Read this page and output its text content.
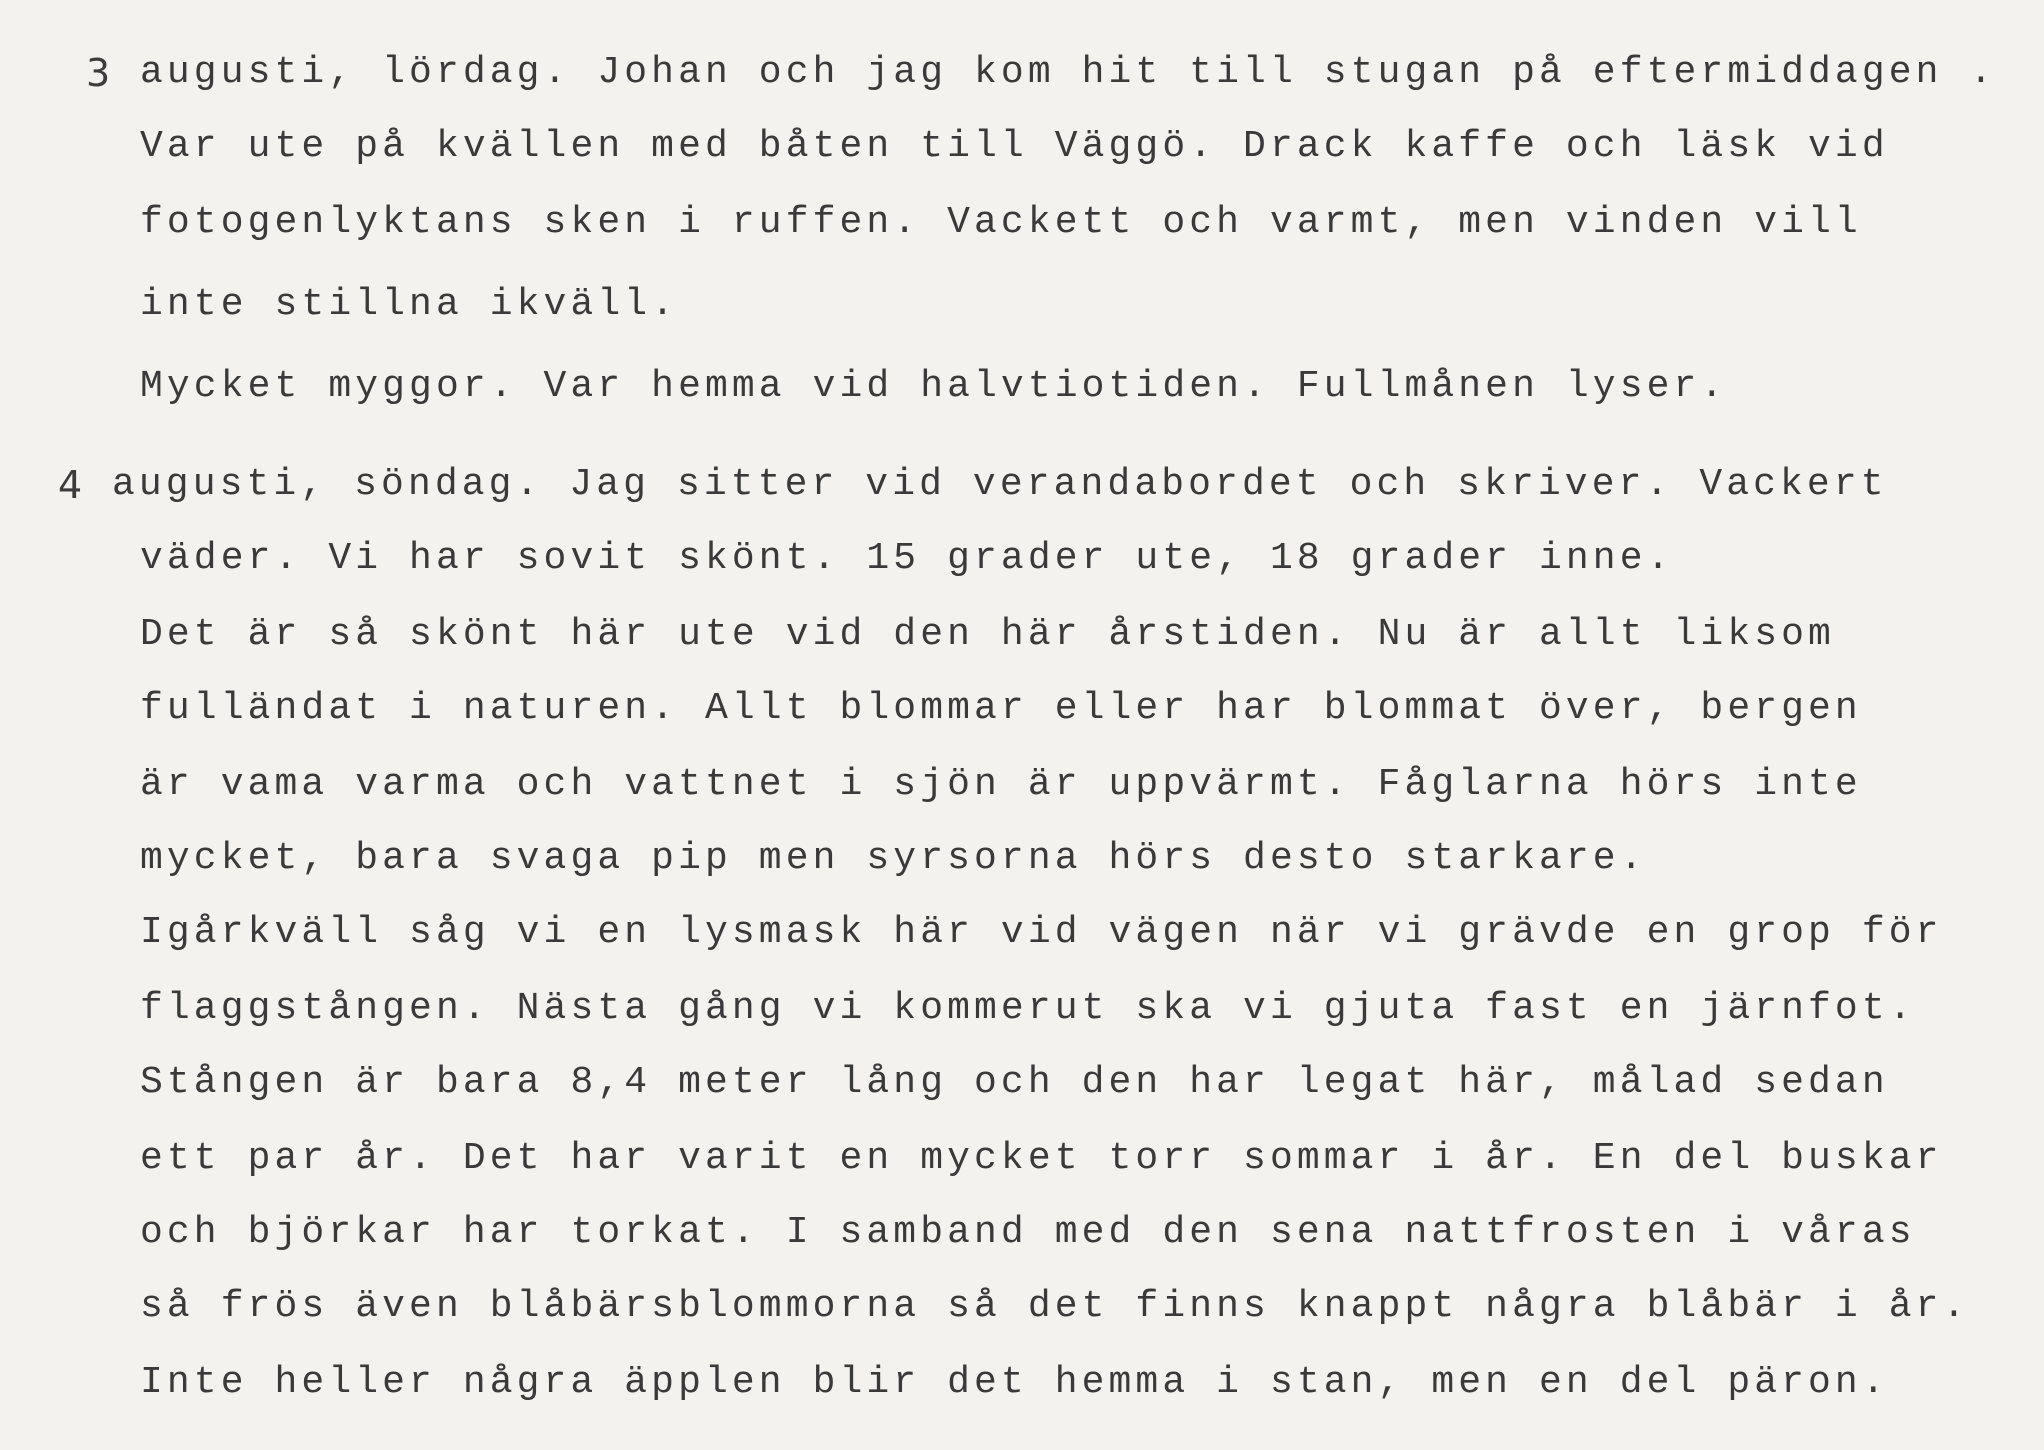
3 augusti, lördag. Johan och jag kom hit till stugan på eftermiddagen .
Var ute på kvällen med båten till Väggö. Drack kaffe och läsk vid
fotogenlyktans sken i ruffen. Vackett och varmt, men vinden vill
inte stillna ikväll.
Mycket myggor. Var hemma vid halvtiotiden. Fullmånen lyser.
4 augusti, söndag. Jag sitter vid verandabordet och skriver. Vackert
väder. Vi har sovit skönt. 15 grader ute, 18 grader inne.
Det är så skönt här ute vid den här årstiden. Nu är allt liksom
fulländat i naturen. Allt blommar eller har blommat över, bergen
är vama varma och vattnet i sjön är uppvärmt. Fåglarna hörs inte
mycket, bara svaga pip men syrsorna hörs desto starkare.
Igårkväll såg vi en lysmask här vid vägen när vi grävde en grop för
flaggstången. Nästa gång vi kommerut ska vi gjuta fast en järnfot.
Stången är bara 8,4 meter lång och den har legat här, målad sedan
ett par år. Det har varit en mycket torr sommar i år. En del buskar
och björkar har torkat. I samband med den sena nattfrosten i våras
så frös även blåbärsblommorna så det finns knappt några blåbär i år.
Inte heller några äpplen blir det hemma i stan, men en del päron.
